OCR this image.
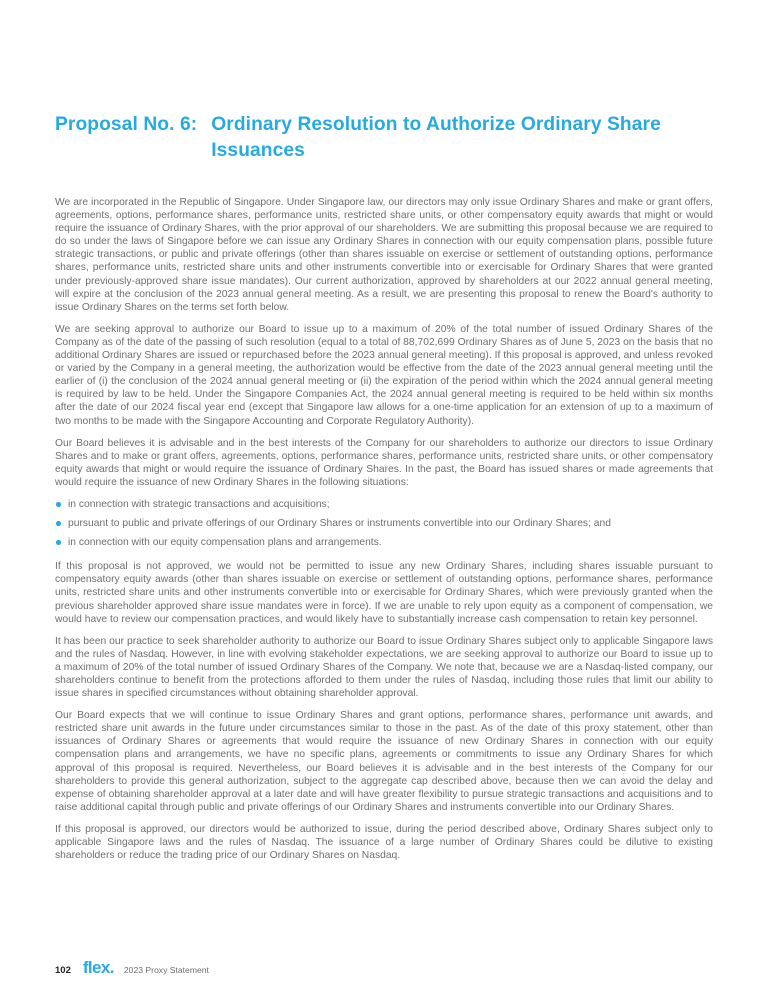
Proposal No. 6: Ordinary Resolution to Authorize Ordinary Share Issuances

We are incorporated in the Republic of Singapore. Under Singapore law, our directors may only issue Ordinary Shares and make or grant offers, agreements, options, performance shares, performance units, restricted share units, or other compensatory equity awards that might or would require the issuance of Ordinary Shares, with the prior approval of our shareholders. We are submitting this proposal because we are required to do so under the laws of Singapore before we can issue any Ordinary Shares in connection with our equity compensation plans, possible future strategic transactions, or public and private offerings (other than shares issuable on exercise or settlement of outstanding options, performance shares, performance units, restricted share units and other instruments convertible into or exercisable for Ordinary Shares that were granted under previously-approved share issue mandates). Our current authorization, approved by shareholders at our 2022 annual general meeting, will expire at the conclusion of the 2023 annual general meeting. As a result, we are presenting this proposal to renew the Board's authority to issue Ordinary Shares on the terms set forth below.

We are seeking approval to authorize our Board to issue up to a maximum of 20% of the total number of issued Ordinary Shares of the Company as of the date of the passing of such resolution (equal to a total of 88,702,699 Ordinary Shares as of June 5, 2023 on the basis that no additional Ordinary Shares are issued or repurchased before the 2023 annual general meeting). If this proposal is approved, and unless revoked or varied by the Company in a general meeting, the authorization would be effective from the date of the 2023 annual general meeting until the earlier of (i) the conclusion of the 2024 annual general meeting or (ii) the expiration of the period within which the 2024 annual general meeting is required by law to be held. Under the Singapore Companies Act, the 2024 annual general meeting is required to be held within six months after the date of our 2024 fiscal year end (except that Singapore law allows for a one-time application for an extension of up to a maximum of two months to be made with the Singapore Accounting and Corporate Regulatory Authority).

Our Board believes it is advisable and in the best interests of the Company for our shareholders to authorize our directors to issue Ordinary Shares and to make or grant offers, agreements, options, performance shares, performance units, restricted share units, or other compensatory equity awards that might or would require the issuance of Ordinary Shares. In the past, the Board has issued shares or made agreements that would require the issuance of new Ordinary Shares in the following situations:

in connection with strategic transactions and acquisitions;
pursuant to public and private offerings of our Ordinary Shares or instruments convertible into our Ordinary Shares; and
in connection with our equity compensation plans and arrangements.

If this proposal is not approved, we would not be permitted to issue any new Ordinary Shares, including shares issuable pursuant to compensatory equity awards (other than shares issuable on exercise or settlement of outstanding options, performance shares, performance units, restricted share units and other instruments convertible into or exercisable for Ordinary Shares, which were previously granted when the previous shareholder approved share issue mandates were in force). If we are unable to rely upon equity as a component of compensation, we would have to review our compensation practices, and would likely have to substantially increase cash compensation to retain key personnel.

It has been our practice to seek shareholder authority to authorize our Board to issue Ordinary Shares subject only to applicable Singapore laws and the rules of Nasdaq. However, in line with evolving stakeholder expectations, we are seeking approval to authorize our Board to issue up to a maximum of 20% of the total number of issued Ordinary Shares of the Company. We note that, because we are a Nasdaq-listed company, our shareholders continue to benefit from the protections afforded to them under the rules of Nasdaq, including those rules that limit our ability to issue shares in specified circumstances without obtaining shareholder approval.

Our Board expects that we will continue to issue Ordinary Shares and grant options, performance shares, performance unit awards, and restricted share unit awards in the future under circumstances similar to those in the past. As of the date of this proxy statement, other than issuances of Ordinary Shares or agreements that would require the issuance of new Ordinary Shares in connection with our equity compensation plans and arrangements, we have no specific plans, agreements or commitments to issue any Ordinary Shares for which approval of this proposal is required. Nevertheless, our Board believes it is advisable and in the best interests of the Company for our shareholders to provide this general authorization, subject to the aggregate cap described above, because then we can avoid the delay and expense of obtaining shareholder approval at a later date and will have greater flexibility to pursue strategic transactions and acquisitions and to raise additional capital through public and private offerings of our Ordinary Shares and instruments convertible into our Ordinary Shares.

If this proposal is approved, our directors would be authorized to issue, during the period described above, Ordinary Shares subject only to applicable Singapore laws and the rules of Nasdaq. The issuance of a large number of Ordinary Shares could be dilutive to existing shareholders or reduce the trading price of our Ordinary Shares on Nasdaq.

102 flex. 2023 Proxy Statement
